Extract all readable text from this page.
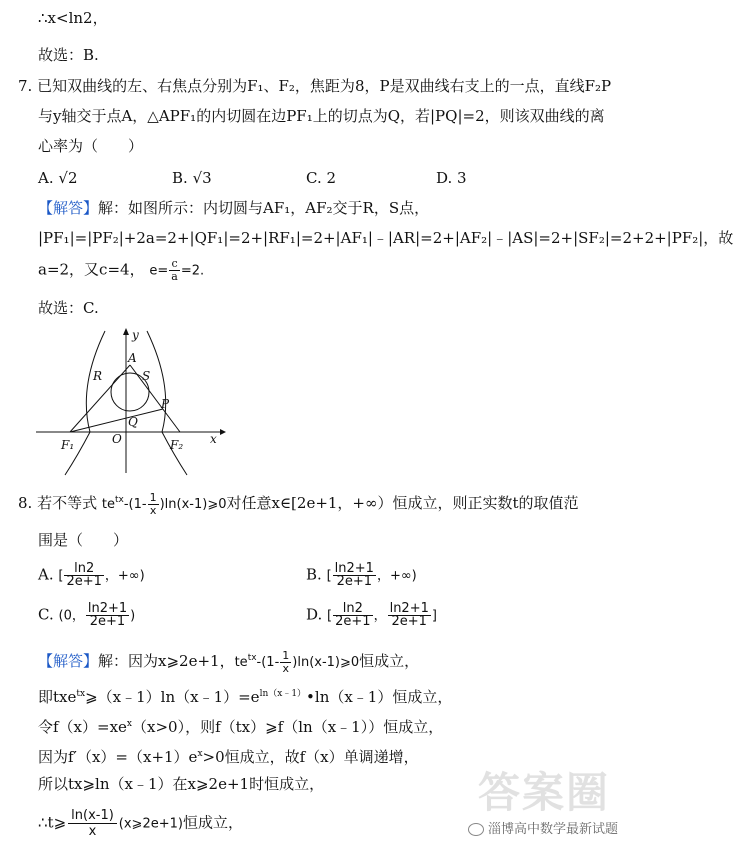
∴x<ln2，
故选：B.
7. 已知双曲线的左、右焦点分别为F₁、F₂，焦距为8，P是双曲线右支上的一点，直线F₂P
与y轴交于点A，△APF₁的内切圆在边PF₁上的切点为Q，若|PQ|=2，则该双曲线的离
心率为（　　）
A. √2	B. √3	C. 2	D. 3
【解答】解：如图所示：内切圆与AF₁，AF₂交于R，S点，
|PF₁|=|PF₂|+2a=2+|QF₁|=2+|RF₁|=2+|AF₁|﹣|AR|=2+|AF₂|﹣|AS|=2+|SF₂|=2+2+|PF₂|，故
a=2，又c=4， $e= \frac{c}{a} =2$.
故选：C.
y
A
R	S
P
Q
O	x
F₁	F₂
8. 若不等式 $te^{tx}-(1- \frac{1}{x}$ )ln(x-1)⩾0对任意x∈[2e+1，+∞）恒成立，则正实数t的取值范
围是（　　）
A. [ $\frac{\ln 2}{2e+1}$ ，+∞)	B. [ $\frac{\ln 2+1}{2e+1}$ ，+∞)
C. (0， $\frac{\ln 2+1}{2e+1}$ )	D. [ $\frac{\ln 2}{2e+1}$ ， $\frac{\ln 2+1}{2e+1}$ ]
【解答】解：因为x⩾2e+1，$te^{tx}-(1- \frac{1}{x}$ )ln(x-1)⩾0恒成立，
即$txe^{tx}⩾(x﹣1)\ln(x﹣1)=e^{ln(x﹣1)}•\ln(x﹣1)$恒成立，
令$f(x)=xe^x(x>0)$，则f（tx）⩾f（ln（x﹣1））恒成立，
因为$f'(x)=(x+1)e^x>0$恒成立，故f（x）单调递增，
所以tx⩾ln（x﹣1）在x⩾2e+1时恒成立，
∴t⩾ $\frac{\ln(x-1)}{x}$ (x⩾2e+1)恒成立，
答案圈
淄博高中数学最新试题
